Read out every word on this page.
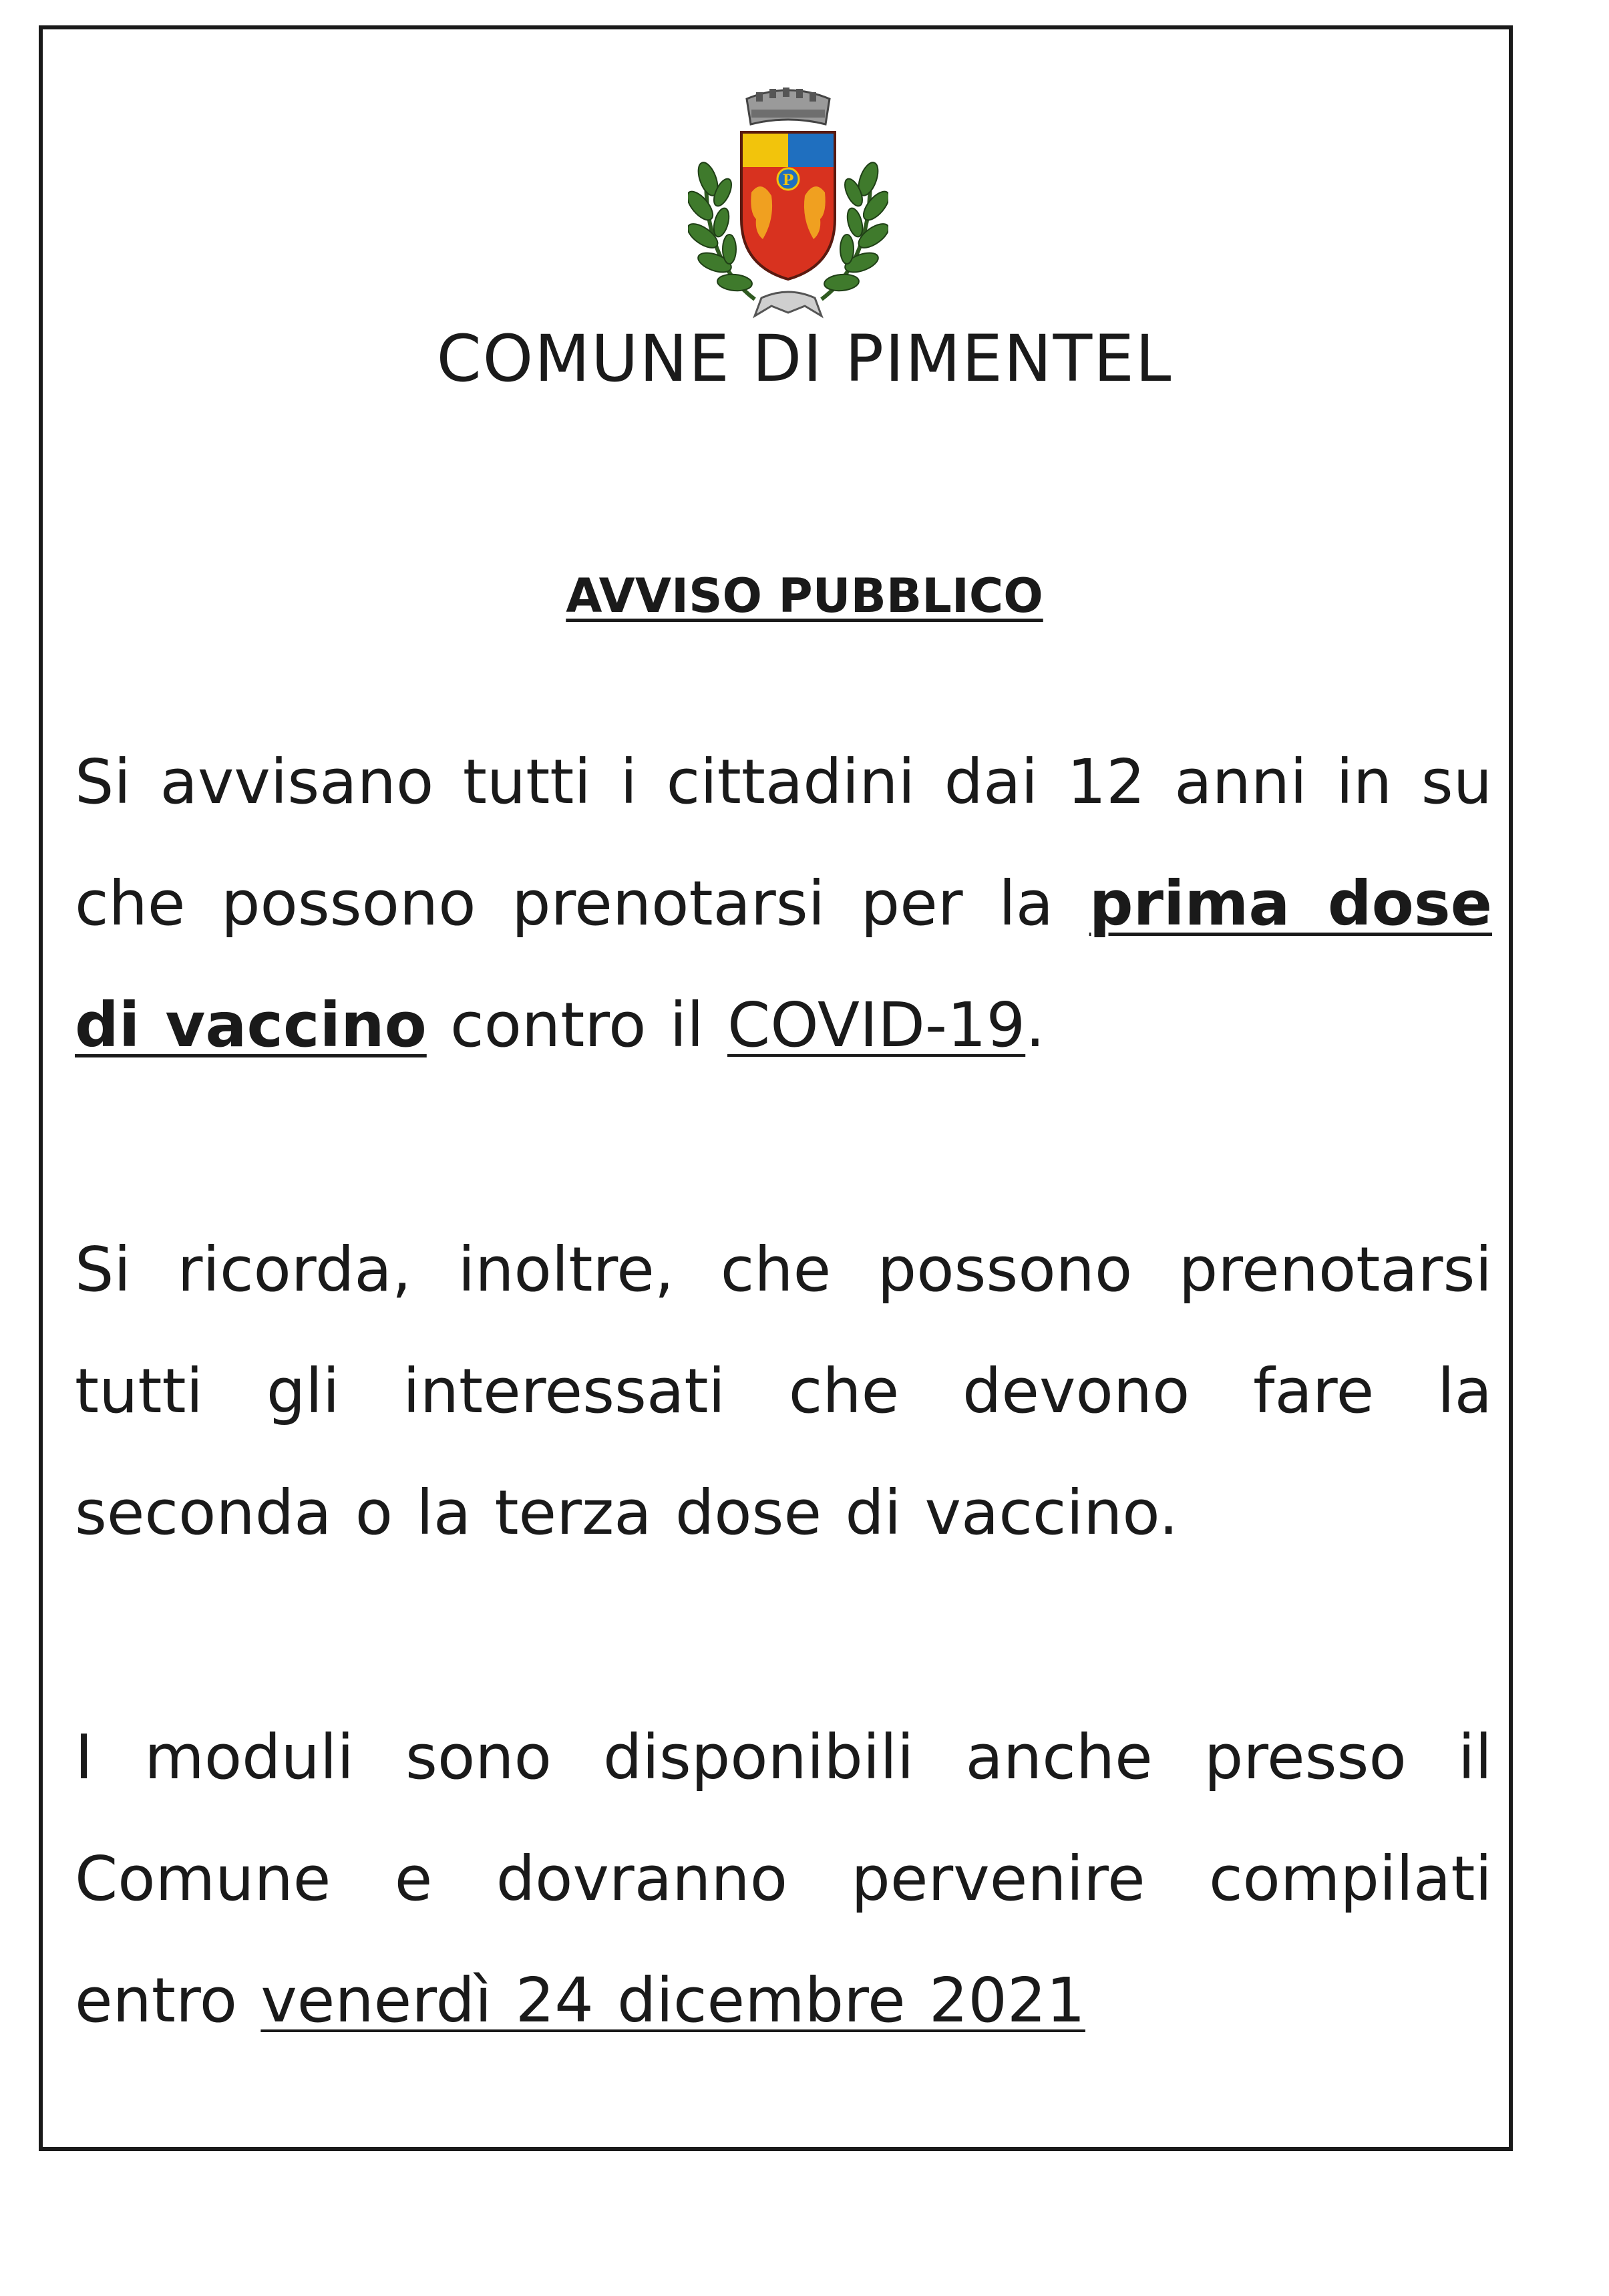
P
COMUNE DI PIMENTEL
AVVISO PUBBLICO
Si avvisano tutti i cittadini dai 12 anni in su che possono prenotarsi per la prima dose di vaccino contro il COVID-19.
Si ricorda, inoltre, che possono prenotarsi tutti gli interessati che devono fare la seconda o la terza dose di vaccino.
I moduli sono disponibili anche presso il Comune e dovranno pervenire compilati entro venerdì 24 dicembre 2021
